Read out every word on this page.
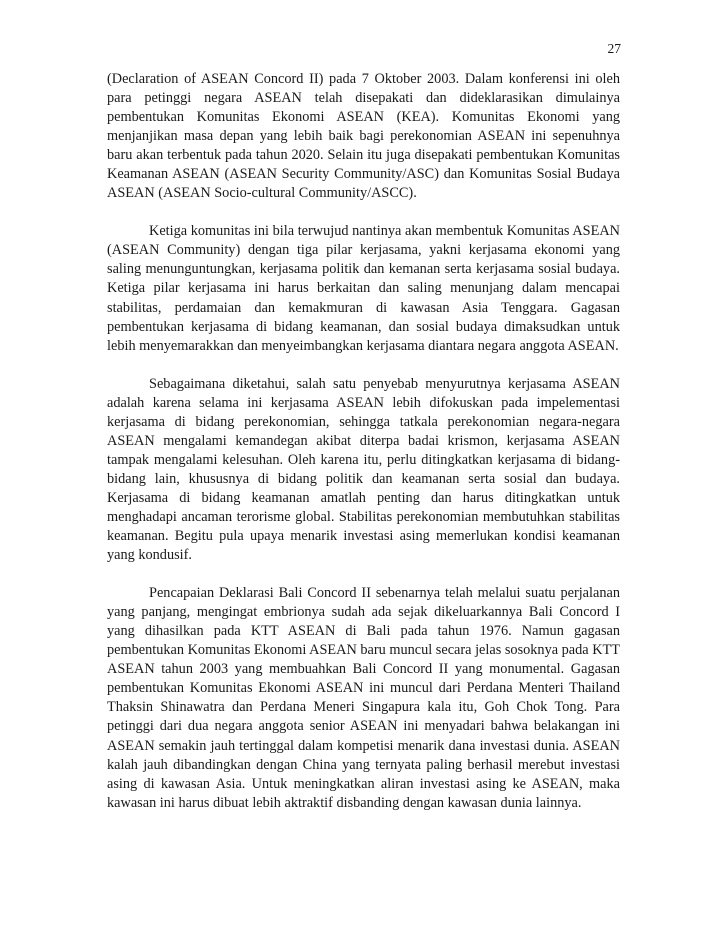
27

(Declaration of ASEAN Concord II) pada 7 Oktober 2003. Dalam konferensi ini oleh para petinggi negara ASEAN telah disepakati dan dideklarasikan dimulainya pembentukan Komunitas Ekonomi ASEAN (KEA). Komunitas Ekonomi yang menjanjikan masa depan yang lebih baik bagi perekonomian ASEAN ini sepenuhnya baru akan terbentuk pada tahun 2020. Selain itu juga disepakati pembentukan Komunitas Keamanan ASEAN (ASEAN Security Community/ASC) dan Komunitas Sosial Budaya ASEAN (ASEAN Socio-cultural Community/ASCC).

Ketiga komunitas ini bila terwujud nantinya akan membentuk Komunitas ASEAN (ASEAN Community) dengan tiga pilar kerjasama, yakni kerjasama ekonomi yang saling menunguntungkan, kerjasama politik dan kemanan serta kerjasama sosial budaya. Ketiga pilar kerjasama ini harus berkaitan dan saling menunjang dalam mencapai stabilitas, perdamaian dan kemakmuran di kawasan Asia Tenggara. Gagasan pembentukan kerjasama di bidang keamanan, dan sosial budaya dimaksudkan untuk lebih menyemarakkan dan menyeimbangkan kerjasama diantara negara anggota ASEAN.

Sebagaimana diketahui, salah satu penyebab menyurutnya kerjasama ASEAN adalah karena selama ini kerjasama ASEAN lebih difokuskan pada impelementasi kerjasama di bidang perekonomian, sehingga tatkala perekonomian negara-negara ASEAN mengalami kemandegan akibat diterpa badai krismon, kerjasama ASEAN tampak mengalami kelesuhan. Oleh karena itu, perlu ditingkatkan kerjasama di bidang-bidang lain, khususnya di bidang politik dan keamanan serta sosial dan budaya. Kerjasama di bidang keamanan amatlah penting dan harus ditingkatkan untuk menghadapi ancaman terorisme global. Stabilitas perekonomian membutuhkan stabilitas keamanan. Begitu pula upaya menarik investasi asing memerlukan kondisi keamanan yang kondusif.

Pencapaian Deklarasi Bali Concord II sebenarnya telah melalui suatu perjalanan yang panjang, mengingat embrionya sudah ada sejak dikeluarkannya Bali Concord I yang dihasilkan pada KTT ASEAN di Bali pada tahun 1976. Namun gagasan pembentukan Komunitas Ekonomi ASEAN baru muncul secara jelas sosoknya pada KTT ASEAN tahun 2003 yang membuahkan Bali Concord II yang monumental. Gagasan pembentukan Komunitas Ekonomi ASEAN ini muncul dari Perdana Menteri Thailand Thaksin Shinawatra dan Perdana Meneri Singapura kala itu, Goh Chok Tong. Para petinggi dari dua negara anggota senior ASEAN ini menyadari bahwa belakangan ini ASEAN semakin jauh tertinggal dalam kompetisi menarik dana investasi dunia. ASEAN kalah jauh dibandingkan dengan China yang ternyata paling berhasil merebut investasi asing di kawasan Asia. Untuk meningkatkan aliran investasi asing ke ASEAN, maka kawasan ini harus dibuat lebih aktraktif disbanding dengan kawasan dunia lainnya.
